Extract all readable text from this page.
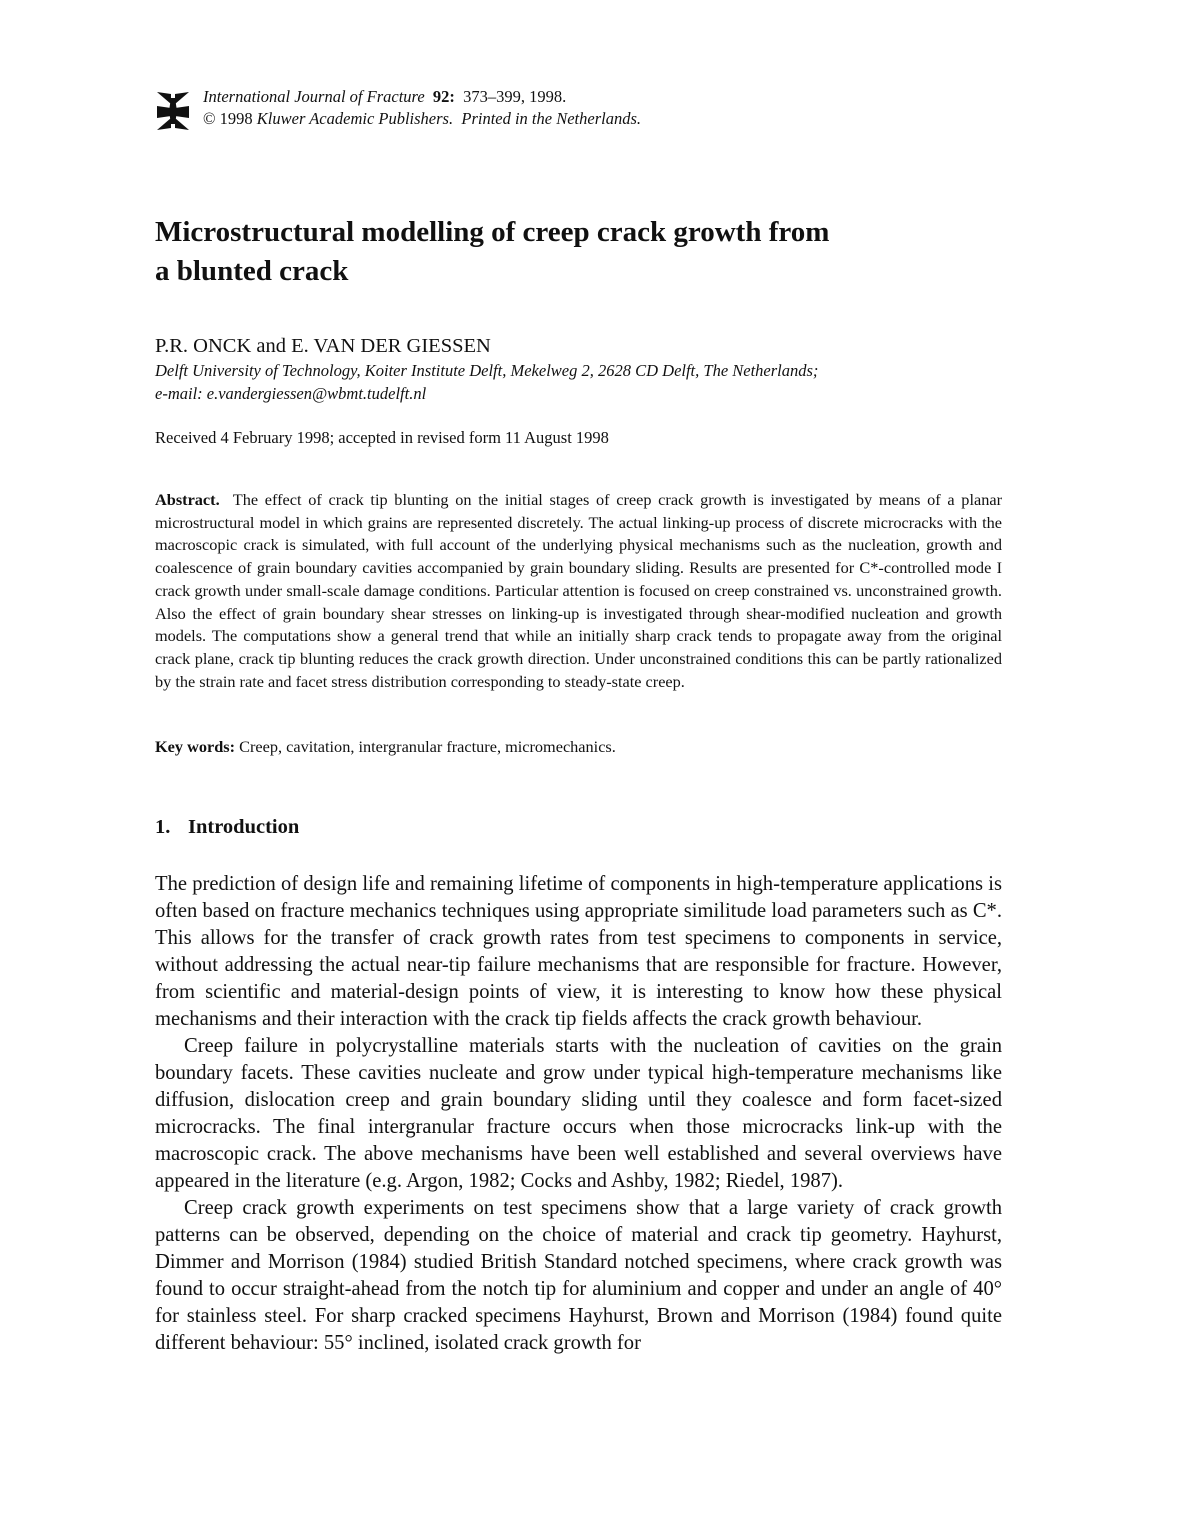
International Journal of Fracture 92: 373–399, 1998.
© 1998 Kluwer Academic Publishers. Printed in the Netherlands.
Microstructural modelling of creep crack growth from
a blunted crack
P.R. ONCK and E. VAN DER GIESSEN
Delft University of Technology, Koiter Institute Delft, Mekelweg 2, 2628 CD Delft, The Netherlands;
e-mail: e.vandergiessen@wbmt.tudelft.nl
Received 4 February 1998; accepted in revised form 11 August 1998
Abstract. The effect of crack tip blunting on the initial stages of creep crack growth is investigated by means of a planar microstructural model in which grains are represented discretely. The actual linking-up process of discrete microcracks with the macroscopic crack is simulated, with full account of the underlying physical mechanisms such as the nucleation, growth and coalescence of grain boundary cavities accompanied by grain boundary sliding. Results are presented for C*-controlled mode I crack growth under small-scale damage conditions. Particular attention is focused on creep constrained vs. unconstrained growth. Also the effect of grain boundary shear stresses on linking-up is investigated through shear-modified nucleation and growth models. The computations show a general trend that while an initially sharp crack tends to propagate away from the original crack plane, crack tip blunting reduces the crack growth direction. Under unconstrained conditions this can be partly rationalized by the strain rate and facet stress distribution corresponding to steady-state creep.
Key words: Creep, cavitation, intergranular fracture, micromechanics.
1. Introduction

The prediction of design life and remaining lifetime of components in high-temperature applications is often based on fracture mechanics techniques using appropriate similitude load parameters such as C*. This allows for the transfer of crack growth rates from test specimens to components in service, without addressing the actual near-tip failure mechanisms that are responsible for fracture. However, from scientific and material-design points of view, it is interesting to know how these physical mechanisms and their interaction with the crack tip fields affects the crack growth behaviour.

Creep failure in polycrystalline materials starts with the nucleation of cavities on the grain boundary facets. These cavities nucleate and grow under typical high-temperature mechanisms like diffusion, dislocation creep and grain boundary sliding until they coalesce and form facet-sized microcracks. The final intergranular fracture occurs when those microcracks link-up with the macroscopic crack. The above mechanisms have been well established and several overviews have appeared in the literature (e.g. Argon, 1982; Cocks and Ashby, 1982; Riedel, 1987).

Creep crack growth experiments on test specimens show that a large variety of crack growth patterns can be observed, depending on the choice of material and crack tip geometry. Hayhurst, Dimmer and Morrison (1984) studied British Standard notched specimens, where crack growth was found to occur straight-ahead from the notch tip for aluminium and copper and under an angle of 40° for stainless steel. For sharp cracked specimens Hayhurst, Brown and Morrison (1984) found quite different behaviour: 55° inclined, isolated crack growth for
